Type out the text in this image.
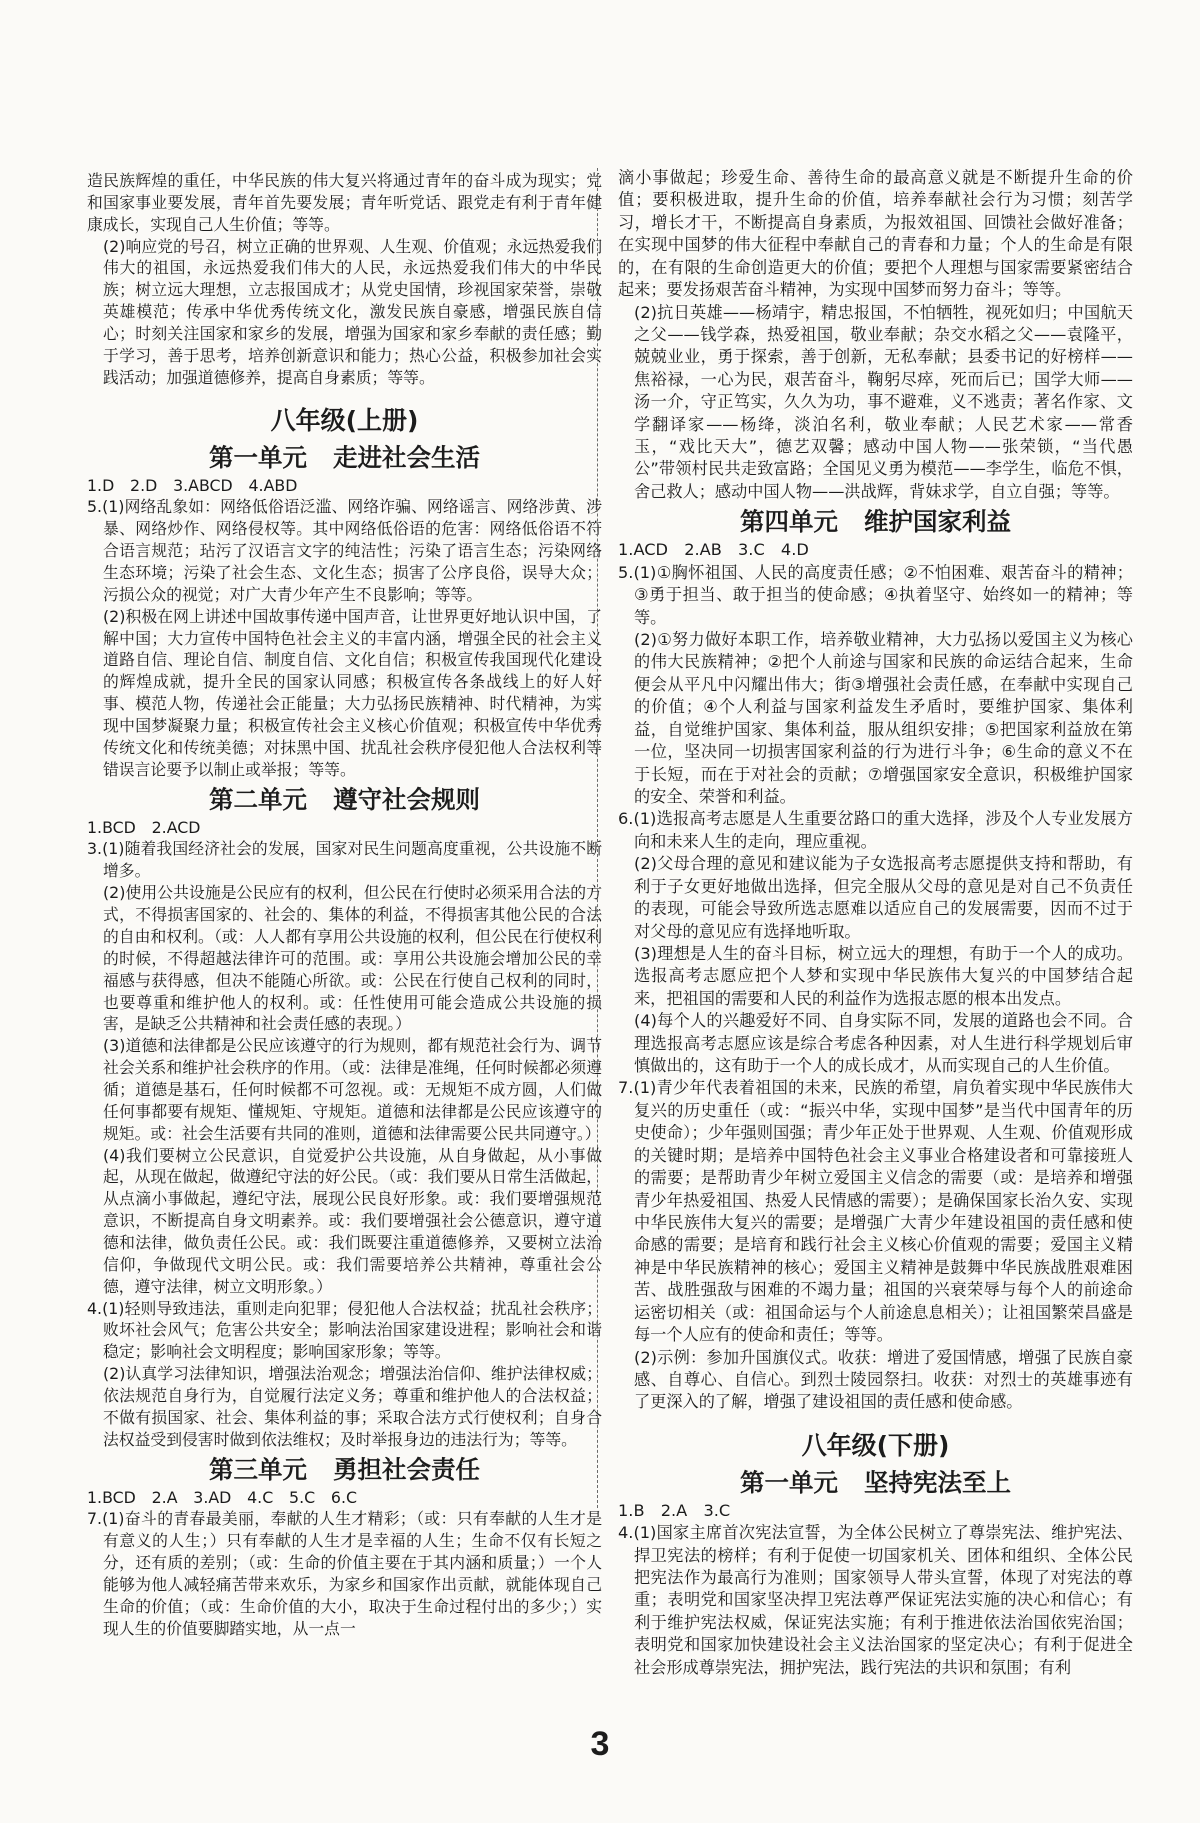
造民族辉煌的重任，中华民族的伟大复兴将通过青年的奋斗成为现实；党和国家事业要发展，青年首先要发展；青年听党话、跟党走有利于青年健康成长，实现自己人生价值；等等。

(2)响应党的号召，树立正确的世界观、人生观、价值观；永远热爱我们伟大的祖国，永远热爱我们伟大的人民，永远热爱我们伟大的中华民族；树立远大理想，立志报国成才；从党史国情，珍视国家荣誉，崇敬英雄模范；传承中华优秀传统文化，激发民族自豪感，增强民族自信心；时刻关注国家和家乡的发展，增强为国家和家乡奉献的责任感；勤于学习，善于思考，培养创新意识和能力；热心公益，积极参加社会实践活动；加强道德修养，提高自身素质；等等。

八年级(上册)
第一单元 走进社会生活

1.D　2.D　3.ABCD　4.ABD

5.(1)网络乱象如：网络低俗语泛滥、网络诈骗、网络谣言、网络涉黄、涉暴、网络炒作、网络侵权等。其中网络低俗语的危害：网络低俗语不符合语言规范；玷污了汉语言文字的纯洁性；污染了语言生态；污染网络生态环境；污染了社会生态、文化生态；损害了公序良俗，误导大众；污损公众的视觉；对广大青少年产生不良影响；等等。

(2)积极在网上讲述中国故事传递中国声音，让世界更好地认识中国，了解中国；大力宣传中国特色社会主义的丰富内涵，增强全民的社会主义道路自信、理论自信、制度自信、文化自信；积极宣传我国现代化建设的辉煌成就，提升全民的国家认同感；积极宣传各条战线上的好人好事、模范人物，传递社会正能量；大力弘扬民族精神、时代精神，为实现中国梦凝聚力量；积极宣传社会主义核心价值观；积极宣传中华优秀传统文化和传统美德；对抹黑中国、扰乱社会秩序侵犯他人合法权利等错误言论要予以制止或举报；等等。

第二单元 遵守社会规则

1.BCD　2.ACD

3.(1)随着我国经济社会的发展，国家对民生问题高度重视，公共设施不断增多。

(2)使用公共设施是公民应有的权利，但公民在行使时必须采用合法的方式，不得损害国家的、社会的、集体的利益，不得损害其他公民的合法的自由和权利。（或：人人都有享用公共设施的权利，但公民在行使权利的时候，不得超越法律许可的范围。或：享用公共设施会增加公民的幸福感与获得感，但决不能随心所欲。或：公民在行使自己权利的同时，也要尊重和维护他人的权利。或：任性使用可能会造成公共设施的损害，是缺乏公共精神和社会责任感的表现。）

(3)道德和法律都是公民应该遵守的行为规则，都有规范社会行为、调节社会关系和维护社会秩序的作用。（或：法律是准绳，任何时候都必须遵循；道德是基石，任何时候都不可忽视。或：无规矩不成方圆，人们做任何事都要有规矩、懂规矩、守规矩。道德和法律都是公民应该遵守的规矩。或：社会生活要有共同的准则，道德和法律需要公民共同遵守。）

(4)我们要树立公民意识，自觉爱护公共设施，从自身做起，从小事做起，从现在做起，做遵纪守法的好公民。（或：我们要从日常生活做起，从点滴小事做起，遵纪守法，展现公民良好形象。或：我们要增强规范意识，不断提高自身文明素养。或：我们要增强社会公德意识，遵守道德和法律，做负责任公民。或：我们既要注重道德修养，又要树立法治信仰，争做现代文明公民。或：我们需要培养公共精神，尊重社会公德，遵守法律，树立文明形象。）

4.(1)轻则导致违法，重则走向犯罪；侵犯他人合法权益；扰乱社会秩序；败坏社会风气；危害公共安全；影响法治国家建设进程；影响社会和谐稳定；影响社会文明程度；影响国家形象；等等。

(2)认真学习法律知识，增强法治观念；增强法治信仰、维护法律权威；依法规范自身行为，自觉履行法定义务；尊重和维护他人的合法权益；不做有损国家、社会、集体利益的事；采取合法方式行使权利；自身合法权益受到侵害时做到依法维权；及时举报身边的违法行为；等等。

第三单元 勇担社会责任

1.BCD　2.A　3.AD　4.C　5.C　6.C

7.(1)奋斗的青春最美丽，奉献的人生才精彩；（或：只有奉献的人生才是有意义的人生；）只有奉献的人生才是幸福的人生；生命不仅有长短之分，还有质的差别；（或：生命的价值主要在于其内涵和质量；）一个人能够为他人减轻痛苦带来欢乐，为家乡和国家作出贡献，就能体现自己生命的价值；（或：生命价值的大小，取决于生命过程付出的多少；）实现人生的价值要脚踏实地，从一点一

滴小事做起；珍爱生命、善待生命的最高意义就是不断提升生命的价值；要积极进取，提升生命的价值，培养奉献社会行为习惯；刻苦学习，增长才干，不断提高自身素质，为报效祖国、回馈社会做好准备；在实现中国梦的伟大征程中奉献自己的青春和力量；个人的生命是有限的，在有限的生命创造更大的价值；要把个人理想与国家需要紧密结合起来；要发扬艰苦奋斗精神，为实现中国梦而努力奋斗；等等。

(2)抗日英雄——杨靖宇，精忠报国，不怕牺牲，视死如归；中国航天之父——钱学森，热爱祖国，敬业奉献；杂交水稻之父——袁隆平，兢兢业业，勇于探索，善于创新，无私奉献；县委书记的好榜样——焦裕禄，一心为民，艰苦奋斗，鞠躬尽瘁，死而后已；国学大师——汤一介，守正笃实，久久为功，事不避难，义不逃责；著名作家、文学翻译家——杨绛，淡泊名利，敬业奉献；人民艺术家——常香玉，“戏比天大”，德艺双馨；感动中国人物——张荣锁，“当代愚公”带领村民共走致富路；全国见义勇为模范——李学生，临危不惧，舍己救人；感动中国人物——洪战辉，背妹求学，自立自强；等等。

第四单元 维护国家利益

1.ACD　2.AB　3.C　4.D

5.(1)①胸怀祖国、人民的高度责任感；②不怕困难、艰苦奋斗的精神；③勇于担当、敢于担当的使命感；④执着坚守、始终如一的精神；等等。

(2)①努力做好本职工作，培养敬业精神，大力弘扬以爱国主义为核心的伟大民族精神；②把个人前途与国家和民族的命运结合起来，生命便会从平凡中闪耀出伟大；街③增强社会责任感，在奉献中实现自己的价值；④个人利益与国家利益发生矛盾时，要维护国家、集体利益，自觉维护国家、集体利益，服从组织安排；⑤把国家利益放在第一位，坚决同一切损害国家利益的行为进行斗争；⑥生命的意义不在于长短，而在于对社会的贡献；⑦增强国家安全意识，积极维护国家的安全、荣誉和利益。

6.(1)选报高考志愿是人生重要岔路口的重大选择，涉及个人专业发展方向和未来人生的走向，理应重视。

(2)父母合理的意见和建议能为子女选报高考志愿提供支持和帮助，有利于子女更好地做出选择，但完全服从父母的意见是对自己不负责任的表现，可能会导致所选志愿难以适应自己的发展需要，因而不过于对父母的意见应有选择地听取。

(3)理想是人生的奋斗目标，树立远大的理想，有助于一个人的成功。选报高考志愿应把个人梦和实现中华民族伟大复兴的中国梦结合起来，把祖国的需要和人民的利益作为选报志愿的根本出发点。

(4)每个人的兴趣爱好不同、自身实际不同，发展的道路也会不同。合理选报高考志愿应该是综合考虑各种因素，对人生进行科学规划后审慎做出的，这有助于一个人的成长成才，从而实现自己的人生价值。

7.(1)青少年代表着祖国的未来，民族的希望，肩负着实现中华民族伟大复兴的历史重任（或：“振兴中华，实现中国梦”是当代中国青年的历史使命）；少年强则国强；青少年正处于世界观、人生观、价值观形成的关键时期；是培养中国特色社会主义事业合格建设者和可靠接班人的需要；是帮助青少年树立爱国主义信念的需要（或：是培养和增强青少年热爱祖国、热爱人民情感的需要）；是确保国家长治久安、实现中华民族伟大复兴的需要；是增强广大青少年建设祖国的责任感和使命感的需要；是培育和践行社会主义核心价值观的需要；爱国主义精神是中华民族精神的核心；爱国主义精神是鼓舞中华民族战胜艰难困苦、战胜强敌与困难的不竭力量；祖国的兴衰荣辱与每个人的前途命运密切相关（或：祖国命运与个人前途息息相关）；让祖国繁荣昌盛是每一个人应有的使命和责任；等等。

(2)示例：参加升国旗仪式。收获：增进了爱国情感，增强了民族自豪感、自尊心、自信心。到烈士陵园祭扫。收获：对烈士的英雄事迹有了更深入的了解，增强了建设祖国的责任感和使命感。

八年级(下册)
第一单元 坚持宪法至上

1.B　2.A　3.C

4.(1)国家主席首次宪法宣誓，为全体公民树立了尊崇宪法、维护宪法、捍卫宪法的榜样；有利于促使一切国家机关、团体和组织、全体公民把宪法作为最高行为准则；国家领导人带头宣誓，体现了对宪法的尊重；表明党和国家坚决捍卫宪法尊严保证宪法实施的决心和信心；有利于维护宪法权威，保证宪法实施；有利于推进依法治国依宪治国；表明党和国家加快建设社会主义法治国家的坚定决心；有利于促进全社会形成尊崇宪法，拥护宪法，践行宪法的共识和氛围；有利

3
